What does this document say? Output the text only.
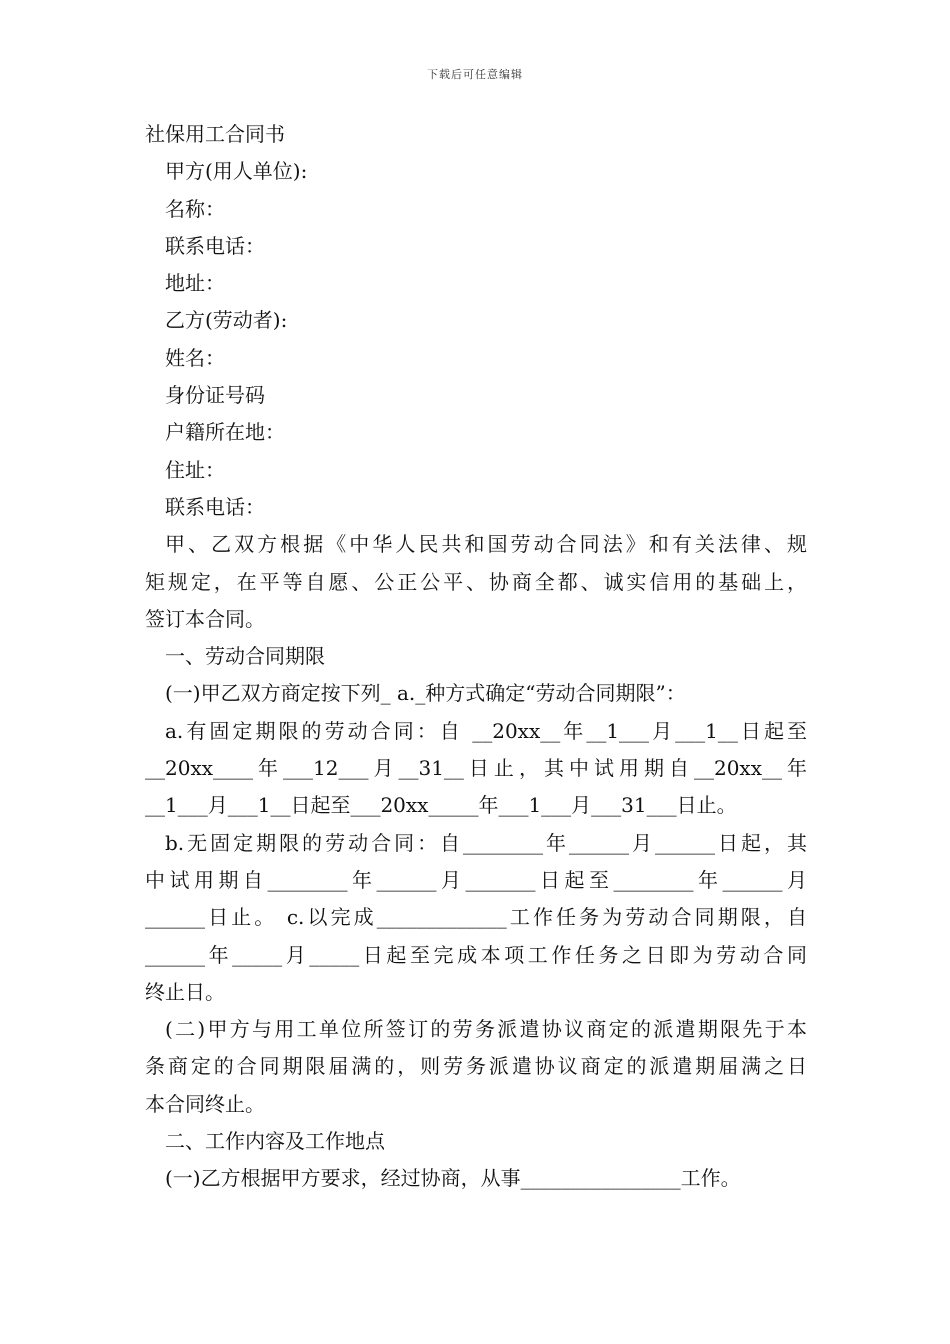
下载后可任意编辑
社保用工合同书
甲方(用人单位):
名称：
联系电话：
地址：
乙方(劳动者):
姓名：
身份证号码
户籍所在地：
住址：
联系电话：
甲、乙双方根据《中华人民共和国劳动合同法》和有关法律、规
矩规定，在平等自愿、公正公平、协商全都、诚实信用的基础上，
签订本合同。
一、劳动合同期限
(一)甲乙双方商定按下列_ a._种方式确定“劳动合同期限”：
a.有固定期限的劳动合同：自 __20xx__年__1___月___1__日起至
__20xx____年___12___月__31__日止，其中试用期自__20xx__年
__1___月___1__日起至___20xx_____年___1___月___31___日止。
b.无固定期限的劳动合同：自________年______月______日起，其
中试用期自________年______月_______日起至________年______月
______日止。 c.以完成_____________工作任务为劳动合同期限，自
______年_____月_____日起至完成本项工作任务之日即为劳动合同
终止日。
(二)甲方与用工单位所签订的劳务派遣协议商定的派遣期限先于本
条商定的合同期限届满的，则劳务派遣协议商定的派遣期届满之日
本合同终止。
二、工作内容及工作地点
(一)乙方根据甲方要求，经过协商，从事________________工作。
